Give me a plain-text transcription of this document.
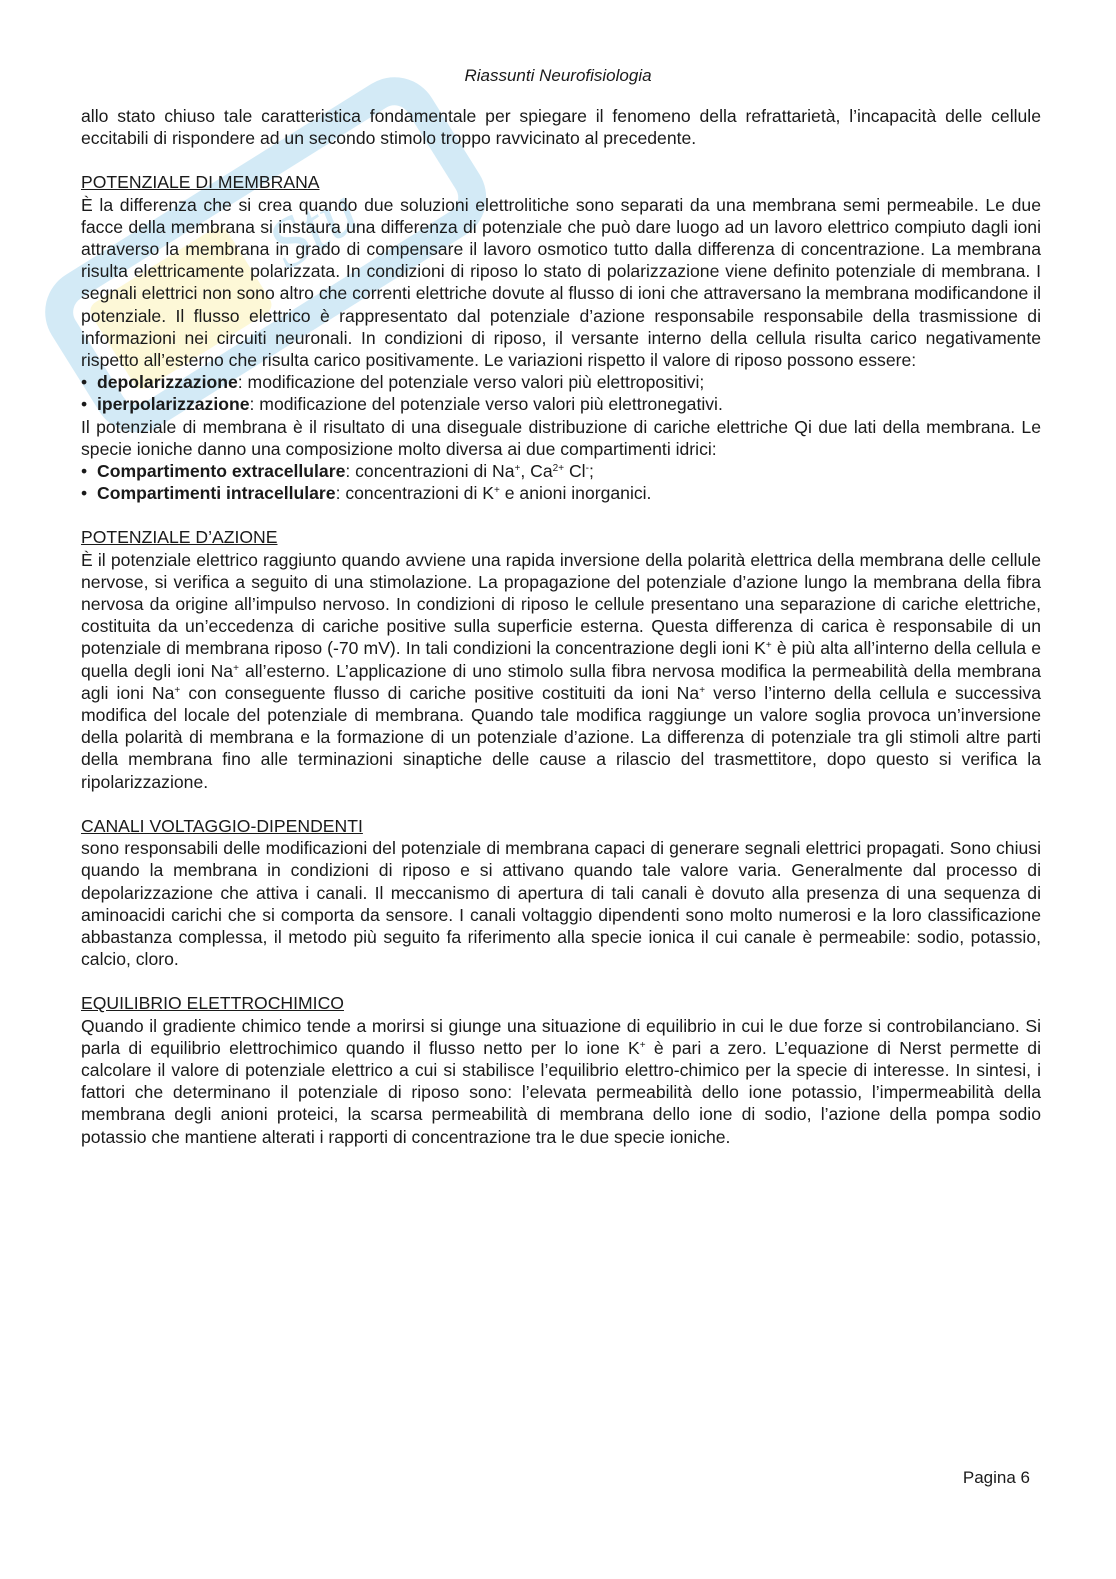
Stu
Riassunti Neurofisiologia

allo stato chiuso tale caratteristica fondamentale per spiegare il fenomeno della refrattarietà, l’incapacità delle cellule eccitabili di rispondere ad un secondo stimolo troppo ravvicinato al precedente.

POTENZIALE DI MEMBRANA

È la differenza che si crea quando due soluzioni elettrolitiche sono separati da una membrana semi permeabile. Le due facce della membrana si instaura una differenza di potenziale che può dare luogo ad un lavoro elettrico compiuto dagli ioni attraverso la membrana in grado di compensare il lavoro osmotico tutto dalla differenza di concentrazione. La membrana risulta elettricamente polarizzata. In condizioni di riposo lo stato di polarizzazione viene definito potenziale di membrana. I segnali elettrici non sono altro che correnti elettriche dovute al flusso di ioni che attraversano la membrana modificandone il potenziale. Il flusso elettrico è rappresentato dal potenziale d’azione responsabile responsabile della trasmissione di informazioni nei circuiti neuronali. In condizioni di riposo, il versante interno della cellula risulta carico negativamente rispetto all’esterno che risulta carico positivamente. Le variazioni rispetto il valore di riposo possono essere:

• depolarizzazione: modificazione del potenziale verso valori più elettropositivi;
• iperpolarizzazione: modificazione del potenziale verso valori più elettronegativi.

Il potenziale di membrana è il risultato di una diseguale distribuzione di cariche elettriche Qi due lati della membrana. Le specie ioniche danno una composizione molto diversa ai due compartimenti idrici:

• Compartimento extracellulare: concentrazioni di Na+, $Ca^{2+}$ Cl-;
• Compartimenti intracellulare: concentrazioni di K+ e anioni inorganici.
POTENZIALE D’AZIONE

È il potenziale elettrico raggiunto quando avviene una rapida inversione della polarità elettrica della membrana delle cellule nervose, si verifica a seguito di una stimolazione. La propagazione del potenziale d’azione lungo la membrana della fibra nervosa da origine all’impulso nervoso. In condizioni di riposo le cellule presentano una separazione di cariche elettriche, costituita da un’eccedenza di cariche positive sulla superficie esterna. Questa differenza di carica è responsabile di un potenziale di membrana riposo (-70 mV). In tali condizioni la concentrazione degli ioni K+ è più alta all’interno della cellula e quella degli ioni Na+ all’esterno. L’applicazione di uno stimolo sulla fibra nervosa modifica la permeabilità della membrana agli ioni Na+ con conseguente flusso di cariche positive costituiti da ioni Na+ verso l’interno della cellula e successiva modifica del locale del potenziale di membrana. Quando tale modifica raggiunge un valore soglia provoca un’inversione della polarità di membrana e la formazione di un potenziale d’azione. La differenza di potenziale tra gli stimoli altre parti della membrana fino alle terminazioni sinaptiche delle cause a rilascio del trasmettitore, dopo questo si verifica la ripolarizzazione.

CANALI VOLTAGGIO-DIPENDENTI

sono responsabili delle modificazioni del potenziale di membrana capaci di generare segnali elettrici propagati. Sono chiusi quando la membrana in condizioni di riposo e si attivano quando tale valore varia. Generalmente dal processo di depolarizzazione che attiva i canali. Il meccanismo di apertura di tali canali è dovuto alla presenza di una sequenza di aminoacidi carichi che si comporta da sensore. I canali voltaggio dipendenti sono molto numerosi e la loro classificazione abbastanza complessa, il metodo più seguito fa riferimento alla specie ionica il cui canale è permeabile: sodio, potassio, calcio, cloro.

EQUILIBRIO ELETTROCHIMICO

Quando il gradiente chimico tende a morirsi si giunge una situazione di equilibrio in cui le due forze si controbilanciano. Si parla di equilibrio elettrochimico quando il flusso netto per lo ione K+ è pari a zero. L’equazione di Nerst permette di calcolare il valore di potenziale elettrico a cui si stabilisce l’equilibrio elettro-chimico per la specie di interesse. In sintesi, i fattori che determinano il potenziale di riposo sono: l’elevata permeabilità dello ione potassio, l’impermeabilità della membrana degli anioni proteici, la scarsa permeabilità di membrana dello ione di sodio, l’azione della pompa sodio potassio che mantiene alterati i rapporti di concentrazione tra le due specie ioniche.

Pagina 6
